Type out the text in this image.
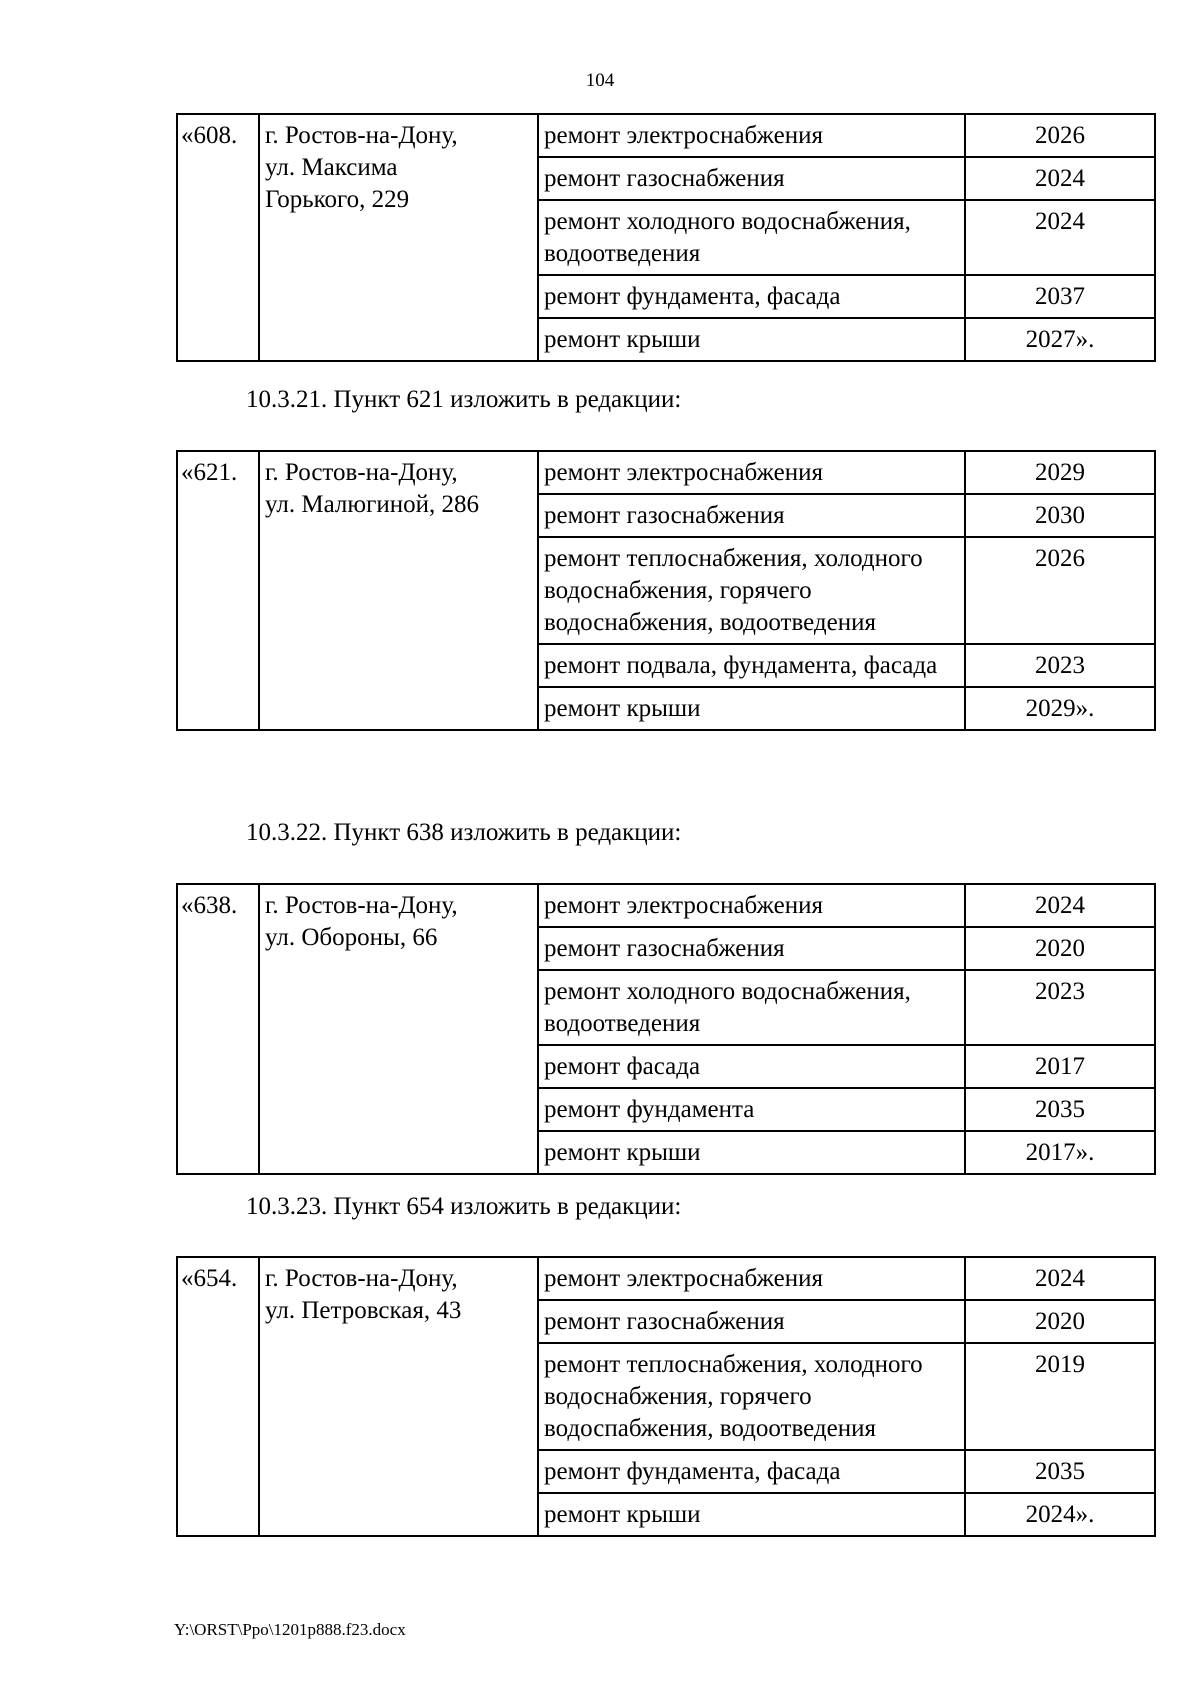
104
«608.	г. Ростов-на-Дону,
ул. Максима
Горького, 229	ремонт электроснабжения	2026
		ремонт газоснабжения	2024
		ремонт холодного водоснабжения, водоотведения	2024
		ремонт фундамента, фасада	2037
		ремонт крыши	2027».
10.3.21. Пункт 621 изложить в редакции:
«621.	г. Ростов-на-Дону,
ул. Малюгиной, 286	ремонт электроснабжения	2029
		ремонт газоснабжения	2030
		ремонт теплоснабжения, холодного водоснабжения, горячего водоснабжения, водоотведения	2026
		ремонт подвала, фундамента, фасада	2023
		ремонт крыши	2029».
10.3.22. Пункт 638 изложить в редакции:
«638.	г. Ростов-на-Дону,
ул. Обороны, 66	ремонт электроснабжения	2024
		ремонт газоснабжения	2020
		ремонт холодного водоснабжения, водоотведения	2023
		ремонт фасада	2017
		ремонт фундамента	2035
		ремонт крыши	2017».
10.3.23. Пункт 654 изложить в редакции:
«654.	г. Ростов-на-Дону,
ул. Петровская, 43	ремонт электроснабжения	2024
		ремонт газоснабжения	2020
		ремонт теплоснабжения, холодного водоснабжения, горячего водоспабжения, водоотведения	2019
		ремонт фундамента, фасада	2035
		ремонт крыши	2024».
Y:\ORST\Ppo\1201p888.f23.docx
